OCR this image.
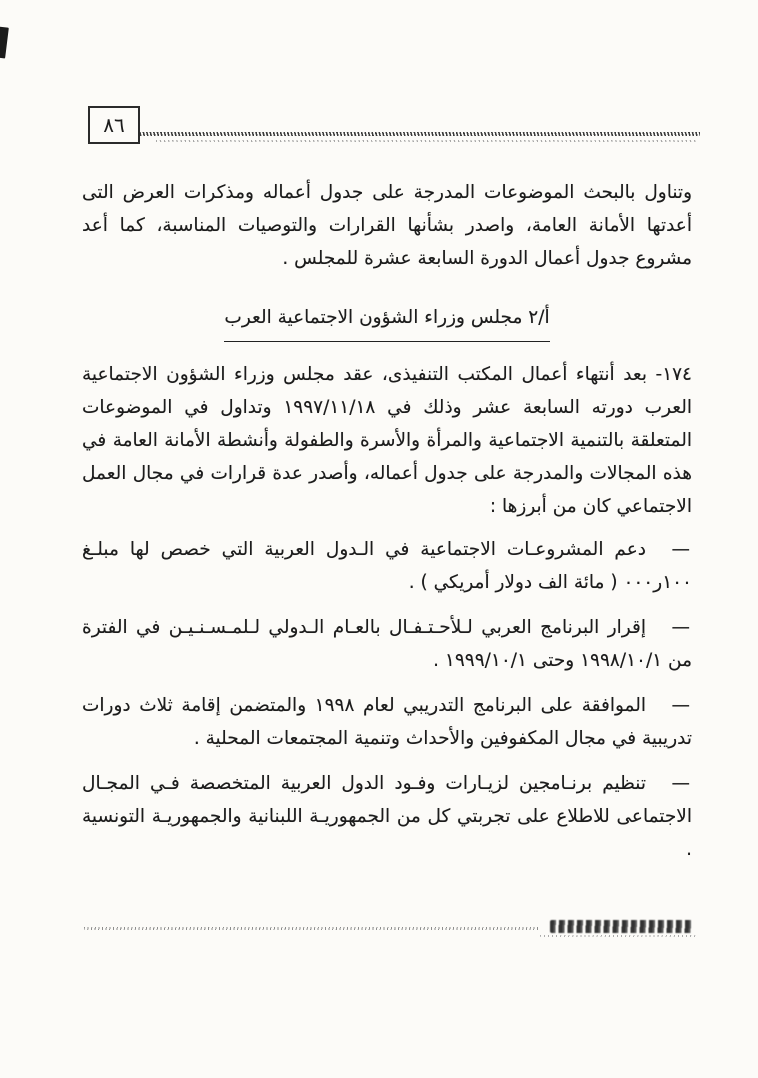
٨٦

وتناول بالبحث الموضوعات المدرجة على جدول أعماله ومذكرات العرض التى أعدتها الأمانة العامة، واصدر بشأنها القرارات والتوصيات المناسبة، كما أعد مشروع جدول أعمال الدورة السابعة عشرة للمجلس .

أ/٢ مجلس وزراء الشؤون الاجتماعية العرب

١٧٤- بعد أنتهاء أعمال المكتب التنفيذى، عقد مجلس وزراء الشؤون الاجتماعية العرب دورته السابعة عشر وذلك في ١٩٩٧/١١/١٨ وتداول في الموضوعات المتعلقة بالتنمية الاجتماعية والمرأة والأسرة والطفولة وأنشطة الأمانة العامة في هذه المجالات والمدرجة على جدول أعماله، وأصدر عدة قرارات في مجال العمل الاجتماعي كان من أبرزها :

—
دعم المشروعـات الاجتماعية في الـدول العربية التي خصص لها مبلـغ ١٠٠ر٠٠٠ ( مائة الف دولار أمريكي ) .
—
إقرار البرنامج العربي لـلأحـتـفـال بالعـام الـدولي لـلمـسـنـيـن في الفترة من ١٩٩٨/١٠/١ وحتى ١٩٩٩/١٠/١ .
—
الموافقة على البرنامج التدريبي لعام ١٩٩٨ والمتضمن إقامة ثلاث دورات تدريبية في مجال المكفوفين والأحداث وتنمية المجتمعات المحلية .
—
تنظيم برنـامجين لزيـارات وفـود الدول العربية المتخصصة فـي المجـال الاجتماعى للاطلاع على تجربتي كل من الجمهوريـة اللبنانية والجمهوريـة التونسية .
